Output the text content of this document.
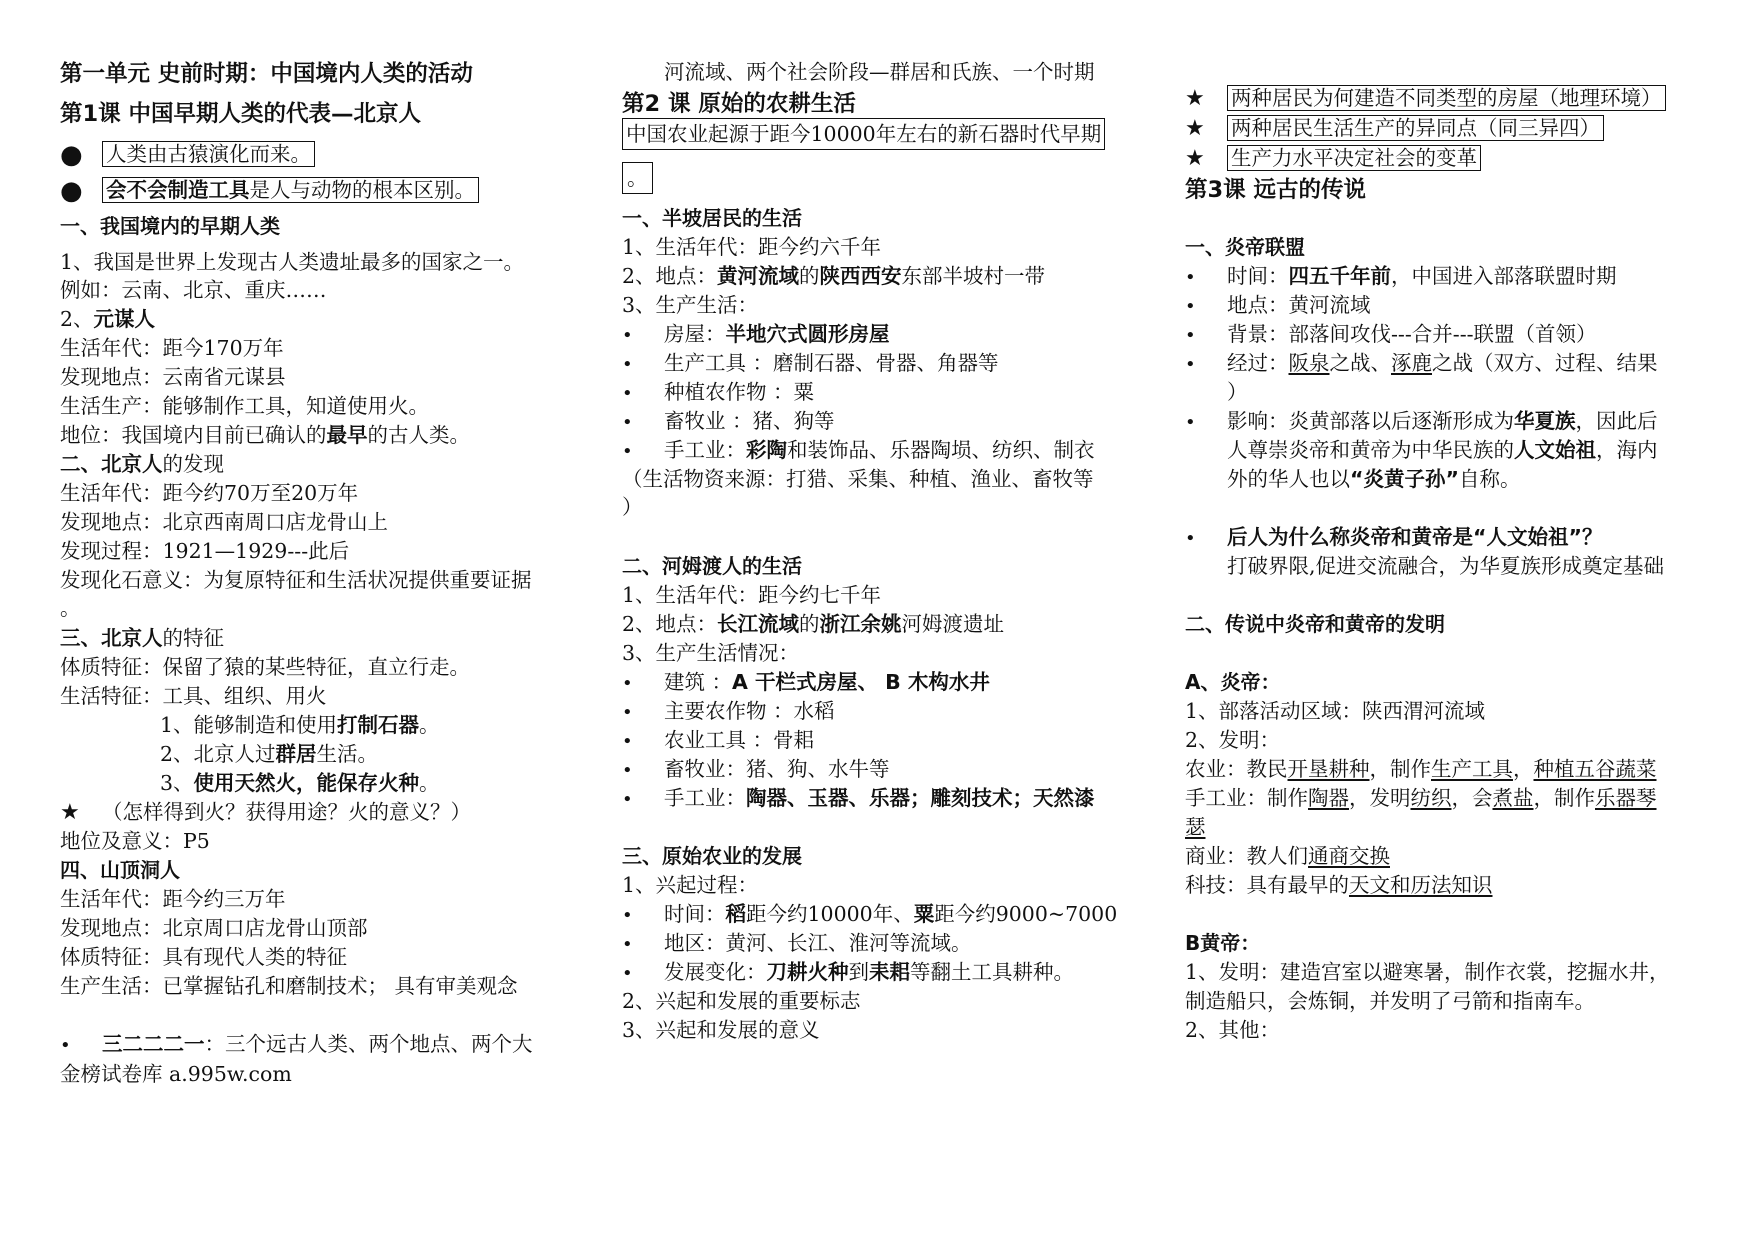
第一单元 史前时期：中国境内人类的活动
第1课 中国早期人类的代表—北京人
● 人类由古猿演化而来。
● 会不会制造工具是人与动物的根本区别。
一、我国境内的早期人类
1、我国是世界上发现古人类遗址最多的国家之一。
例如：云南、北京、重庆……
2、元谋人
生活年代：距今170万年
发现地点：云南省元谋县
生活生产：能够制作工具，知道使用火。
地位：我国境内目前已确认的最早的古人类。
二、北京人的发现
生活年代：距今约70万至20万年
发现地点：北京西南周口店龙骨山上
发现过程：1921—1929---此后
发现化石意义：为复原特征和生活状况提供重要证据
。
三、北京人的特征
体质特征：保留了猿的某些特征，直立行走。
生活特征：工具、组织、用火
1、能够制造和使用打制石器。
2、北京人过群居生活。
3、使用天然火，能保存火种。
★ （怎样得到火？获得用途？火的意义？）
地位及意义：P5
四、山顶洞人
生活年代：距今约三万年
发现地点：北京周口店龙骨山顶部
体质特征：具有现代人类的特征
生产生活：已掌握钻孔和磨制技术； 具有审美观念
• 三二二二一：三个远古人类、两个地点、两个大
金榜试卷库 a.995w.com
河流域、两个社会阶段—群居和氏族、一个时期
第2 课 原始的农耕生活
中国农业起源于距今10000年左右的新石器时代早期
。
一、半坡居民的生活
1、生活年代：距今约六千年
2、地点：黄河流域的陕西西安东部半坡村一带
3、生产生活：
• 房屋：半地穴式圆形房屋
• 生产工具 ：磨制石器、骨器、角器等
• 种植农作物 ：粟
• 畜牧业 ：猪、狗等
• 手工业：彩陶和装饰品、乐器陶埙、纺织、制衣
（生活物资来源：打猎、采集、种植、渔业、畜牧等
）
二、河姆渡人的生活
1、生活年代：距今约七千年
2、地点：长江流域的浙江余姚河姆渡遗址
3、生产生活情况：
• 建筑 ：A 干栏式房屋、 B 木构水井
• 主要农作物 ：水稻
• 农业工具 ：骨耜
• 畜牧业：猪、狗、水牛等
• 手工业：陶器、玉器、乐器；雕刻技术；天然漆
三、原始农业的发展
1、兴起过程：
• 时间：稻距今约10000年、粟距今约9000~7000
• 地区：黄河、长江、淮河等流域。
• 发展变化：刀耕火种到耒耜等翻土工具耕种。
2、兴起和发展的重要标志
3、兴起和发展的意义
★ 两种居民为何建造不同类型的房屋（地理环境）
★ 两种居民生活生产的异同点（同三异四）
★ 生产力水平决定社会的变革
第3课 远古的传说
一、炎帝联盟
• 时间：四五千年前，中国进入部落联盟时期
• 地点：黄河流域
• 背景：部落间攻伐---合并---联盟（首领）
• 经过：阪泉之战、涿鹿之战（双方、过程、结果
）
• 影响：炎黄部落以后逐渐形成为华夏族，因此后
人尊崇炎帝和黄帝为中华民族的人文始祖，海内
外的华人也以“炎黄子孙”自称。
• 后人为什么称炎帝和黄帝是“人文始祖”？
打破界限,促进交流融合，为华夏族形成奠定基础
二、传说中炎帝和黄帝的发明
A、炎帝：
1、部落活动区域：陕西渭河流域
2、发明：
农业：教民开垦耕种，制作生产工具，种植五谷蔬菜
手工业：制作陶器，发明纺织，会煮盐，制作乐器琴
瑟
商业：教人们通商交换
科技：具有最早的天文和历法知识
B黄帝：
1、发明：建造宫室以避寒暑，制作衣裳，挖掘水井，
制造船只，会炼铜，并发明了弓箭和指南车。
2、其他：
